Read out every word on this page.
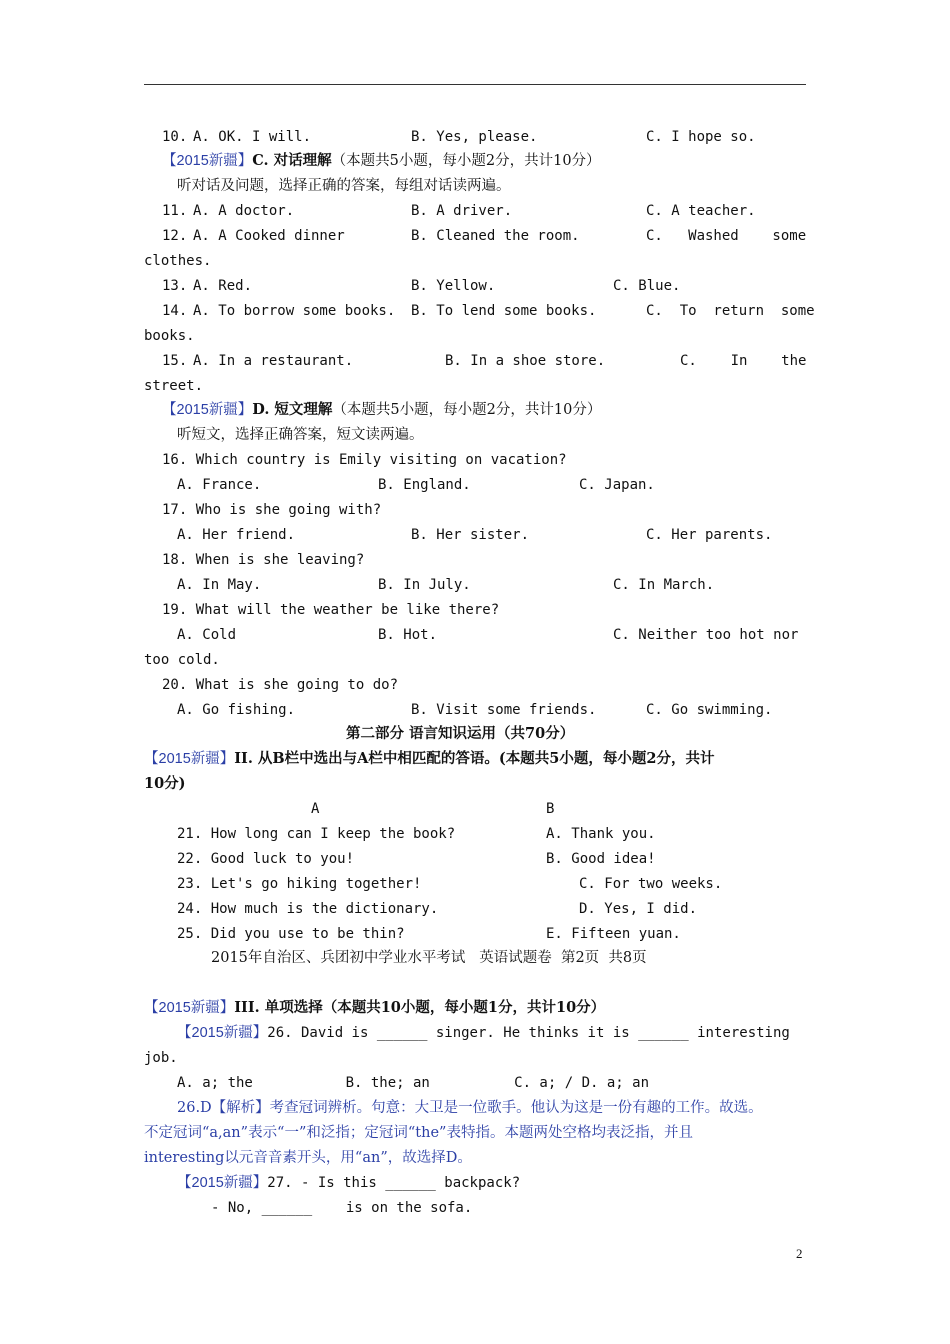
10. A. OK. I will.	B. Yes, please.	C. I hope so.
【2015新疆】C. 对话理解（本题共5小题，每小题2分，共计10分）
听对话及问题，选择正确的答案，每组对话读两遍。
11. A. A doctor.	B. A driver.	C. A teacher.
12. A. A Cooked dinner	B. Cleaned the room.	C.   Washed    some
clothes.
13. A. Red.	B. Yellow.	C. Blue.
14. A. To borrow some books. B. To lend some books.	C.  To  return  some
books.
15. A. In a restaurant.	B. In a shoe store.	C.    In    the
street.
【2015新疆】D. 短文理解（本题共5小题，每小题2分，共计10分）
听短文，选择正确答案，短文读两遍。
16. Which country is Emily visiting on vacation?
A. France.	B. England.	C. Japan.
17. Who is she going with?
A. Her friend.	B. Her sister.	C. Her parents.
18. When is she leaving?
A. In May.	B. In July.	C. In March.
19. What will the weather be like there?
A. Cold	B. Hot.	C. Neither too hot nor
too cold.
20. What is she going to do?
A. Go fishing.	B. Visit some friends.	C. Go swimming.
第二部分 语言知识运用（共70分）
【2015新疆】II. 从B栏中选出与A栏中相匹配的答语。(本题共5小题，每小题2分，共计
10分)
A	B
21. How long can I keep the book?	A. Thank you.
22. Good luck to you!	B. Good idea!
23. Let's go hiking together!	C. For two weeks.
24. How much is the dictionary.	D. Yes, I did.
25. Did you use to be thin?	E. Fifteen yuan.
2015年自治区、兵团初中学业水平考试   英语试题卷  第2页  共8页
【2015新疆】III. 单项选择（本题共10小题，每小题1分，共计10分）
【2015新疆】26. David is ______ singer. He thinks it is ______ interesting
job.
A. a; the           B. the; an          C. a; / D. a; an
26.D【解析】考查冠词辨析。句意：大卫是一位歌手。他认为这是一份有趣的工作。故选。
不定冠词“a,an”表示“一”和泛指；定冠词“the”表特指。本题两处空格均表泛指，并且
interesting以元音音素开头，用“an”，故选择D。
【2015新疆】27. - Is this ______ backpack?
- No, ______    is on the sofa.
2
